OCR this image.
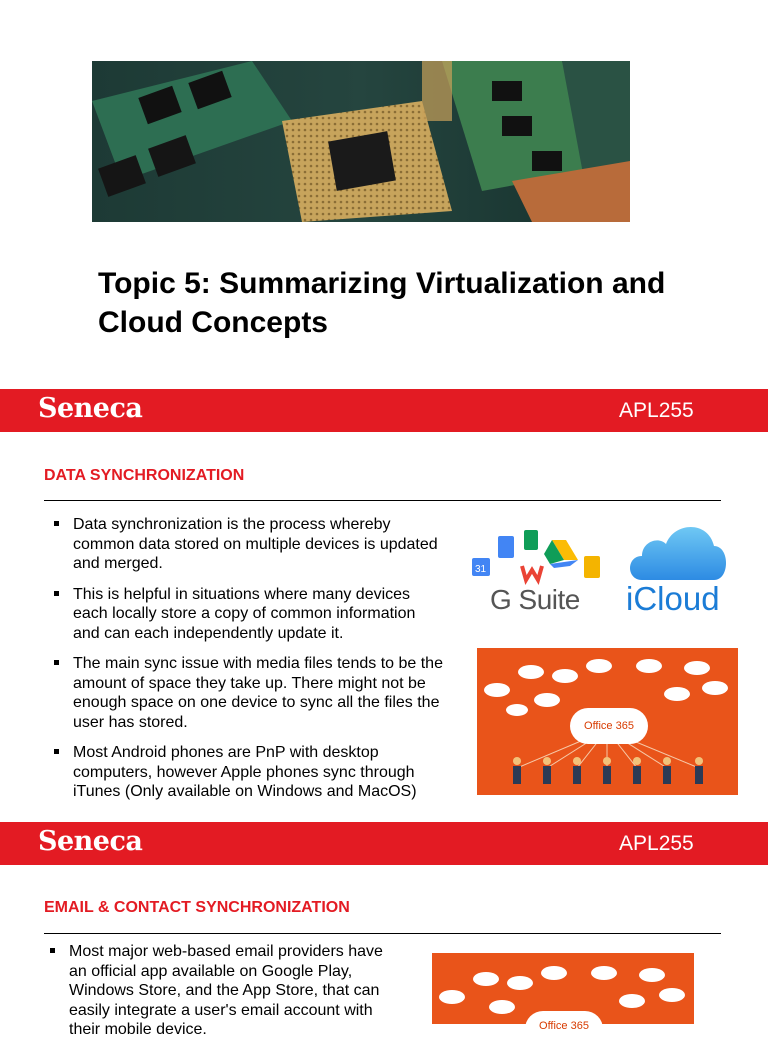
Topic 5: Summarizing Virtualization and Cloud Concepts
Seneca	APL255
DATA SYNCHRONIZATION
Data synchronization is the process whereby common data stored on multiple devices is updated and merged.
This is helpful in situations where many devices each locally store a copy of common information and can each independently update it.
The main sync issue with media files tends to be the amount of space they take up. There might not be enough space on one device to sync all the files the user has stored.
Most Android phones are PnP with desktop computers, however Apple phones sync through iTunes (Only available on Windows and MacOS)
31
G Suite iCloud
Office 365
Seneca	APL255
EMAIL & CONTACT SYNCHRONIZATION
Most major web-based email providers have an official app available on Google Play, Windows Store, and the App Store, that can easily integrate a user's email account with their mobile device.	Office 365
